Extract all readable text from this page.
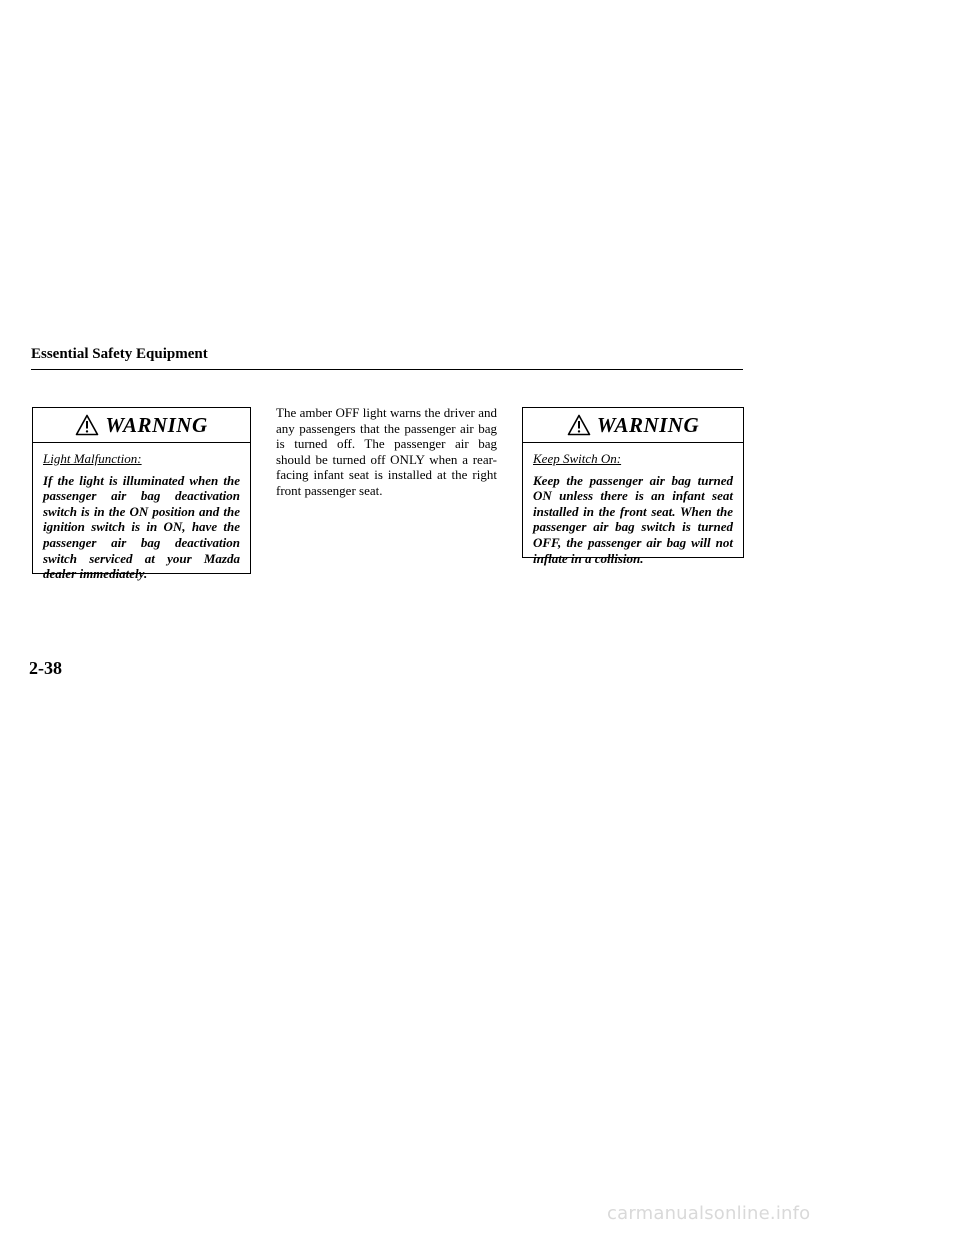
Essential Safety Equipment
WARNING

Light Malfunction:

If the light is illuminated when the passenger air bag deactivation switch is in the ON position and the ignition switch is in ON, have the passenger air bag deactivation switch serviced at your Mazda dealer immediately.

The amber OFF light warns the driver and any passengers that the passenger air bag is turned off. The passenger air bag should be turned off ONLY when a rear-facing infant seat is installed at the right front passenger seat.

WARNING

Keep Switch On:

Keep the passenger air bag turned ON unless there is an infant seat installed in the front seat. When the passenger air bag switch is turned OFF, the passenger air bag will not inflate in a collision.

2-38
carmanualsonline.info
